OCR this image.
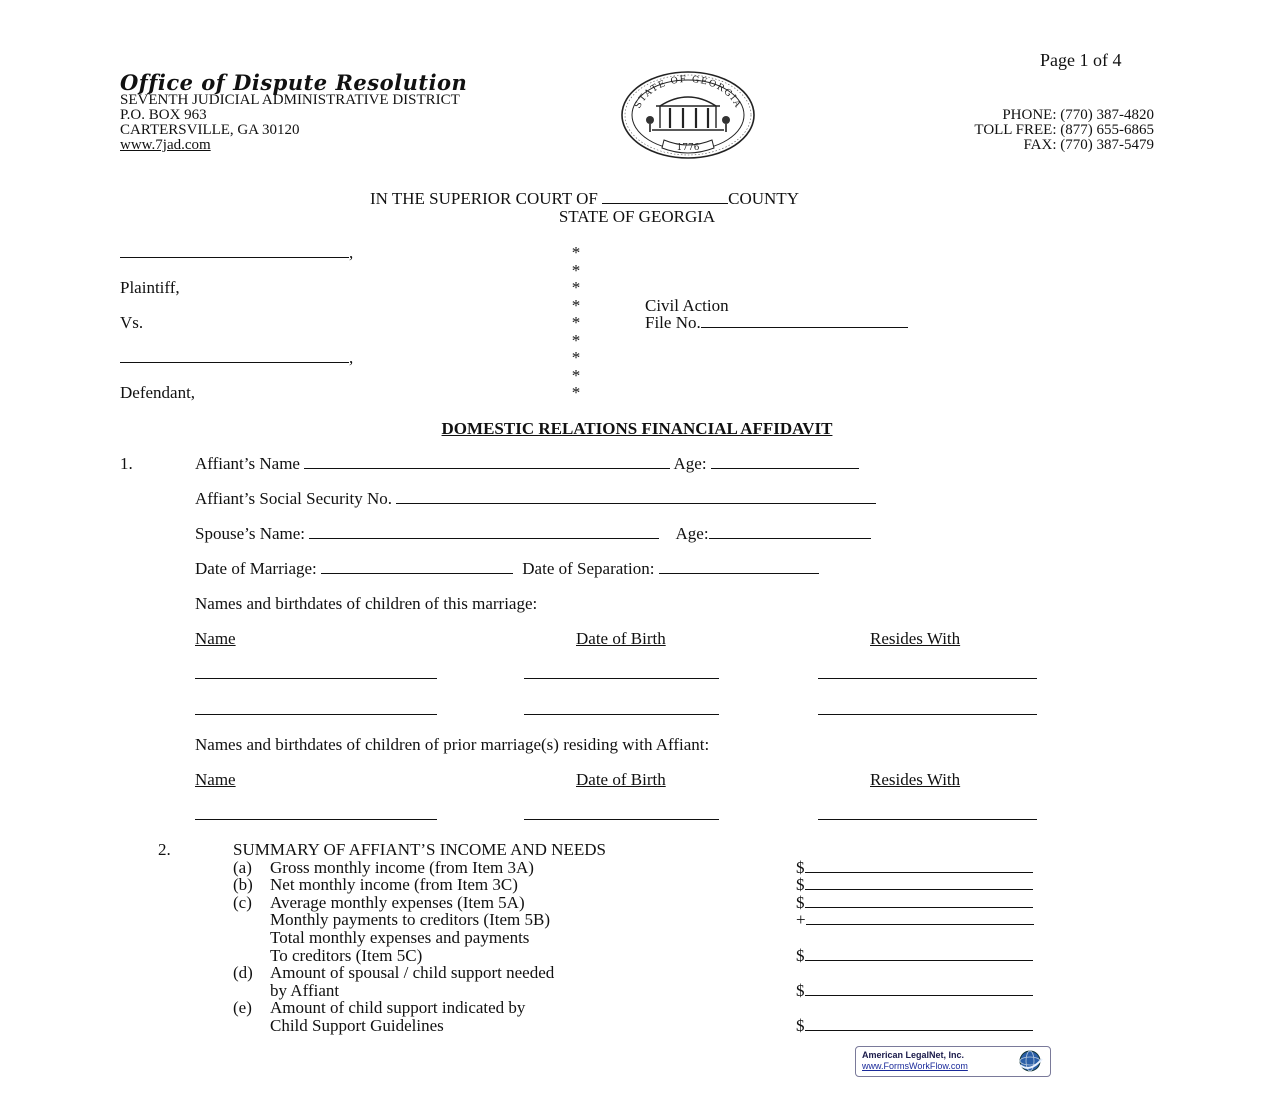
Page 1 of 4
Office of Dispute Resolution
SEVENTH JUDICIAL ADMINISTRATIVE DISTRICT
P.O. BOX 963
CARTERSVILLE, GA 30120
www.7jad.com
STATE OF GEORGIA
1776
PHONE: (770) 387-4820
TOLL FREE: (877) 655-6865
FAX: (770) 387-5479
IN THE SUPERIOR COURT OF	COUNTY
STATE OF GEORGIA
,
Plaintiff,
Vs.
,
Defendant,
*
*
*
*
*
*
*
*
*
Civil Action
File No.
DOMESTIC RELATIONS FINANCIAL AFFIDAVIT
1.	Affiant’s Name	Age:
Affiant’s Social Security No.
Spouse’s Name:	Age:
Date of Marriage:	Date of Separation:
Names and birthdates of children of this marriage:
Name	Date of Birth	Resides With
Names and birthdates of children of prior marriage(s) residing with Affiant:
Name	Date of Birth	Resides With
2.	SUMMARY OF AFFIANT’S INCOME AND NEEDS
(a) Gross monthly income (from Item 3A)	$
(b) Net monthly income (from Item 3C)	$
(c) Average monthly expenses (Item 5A)	$
Monthly payments to creditors (Item 5B)	+
Total monthly expenses and payments
To creditors (Item 5C)	$
(d) Amount of spousal / child support needed
by Affiant	$
(e) Amount of child support indicated by
Child Support Guidelines	$
American LegalNet, Inc.
www.FormsWorkFlow.com
